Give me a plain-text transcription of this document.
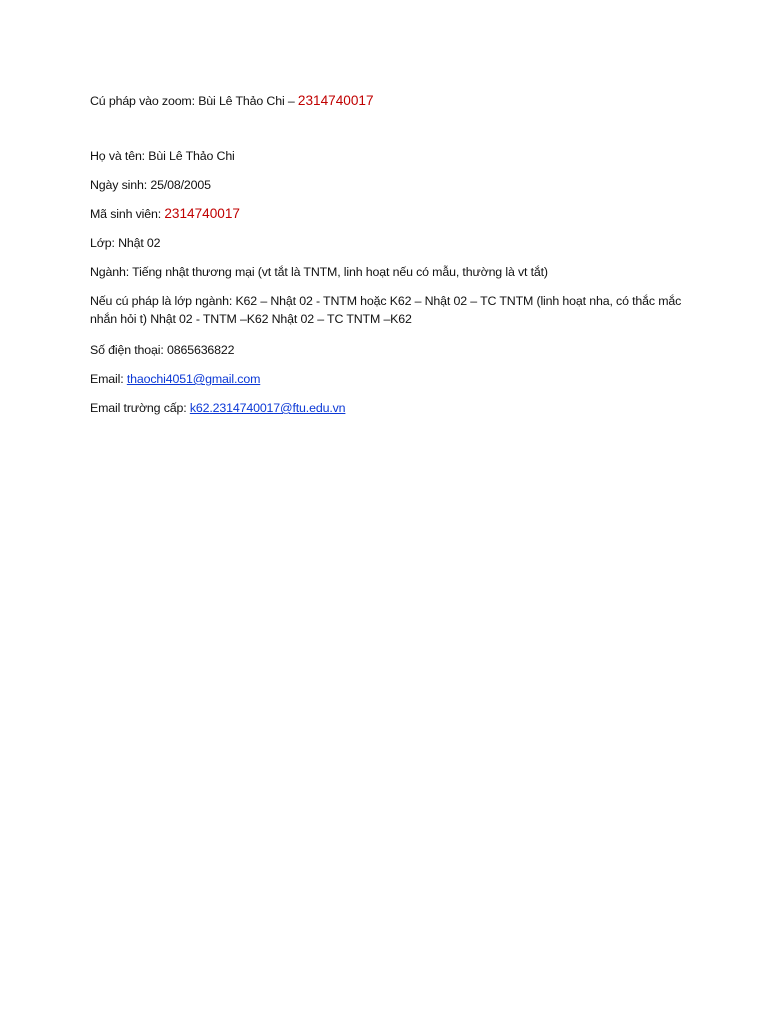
Cú pháp vào zoom: Bùi Lê Thảo Chi – 2314740017
Họ và tên: Bùi Lê Thảo Chi
Ngày sinh: 25/08/2005
Mã sinh viên: 2314740017
Lớp: Nhật 02
Ngành: Tiếng nhật thương mại (vt tắt là TNTM, linh hoạt nếu có mẫu, thường là vt tắt)
Nếu cú pháp là lớp ngành: K62 – Nhật 02 - TNTM hoặc K62 – Nhật 02 – TC TNTM (linh hoạt nha, có thắc mắc nhắn hỏi t) Nhật 02 - TNTM –K62 Nhật 02 – TC TNTM –K62
Số điện thoại: 0865636822
Email: thaochi4051@gmail.com
Email trường cấp: k62.2314740017@ftu.edu.vn
